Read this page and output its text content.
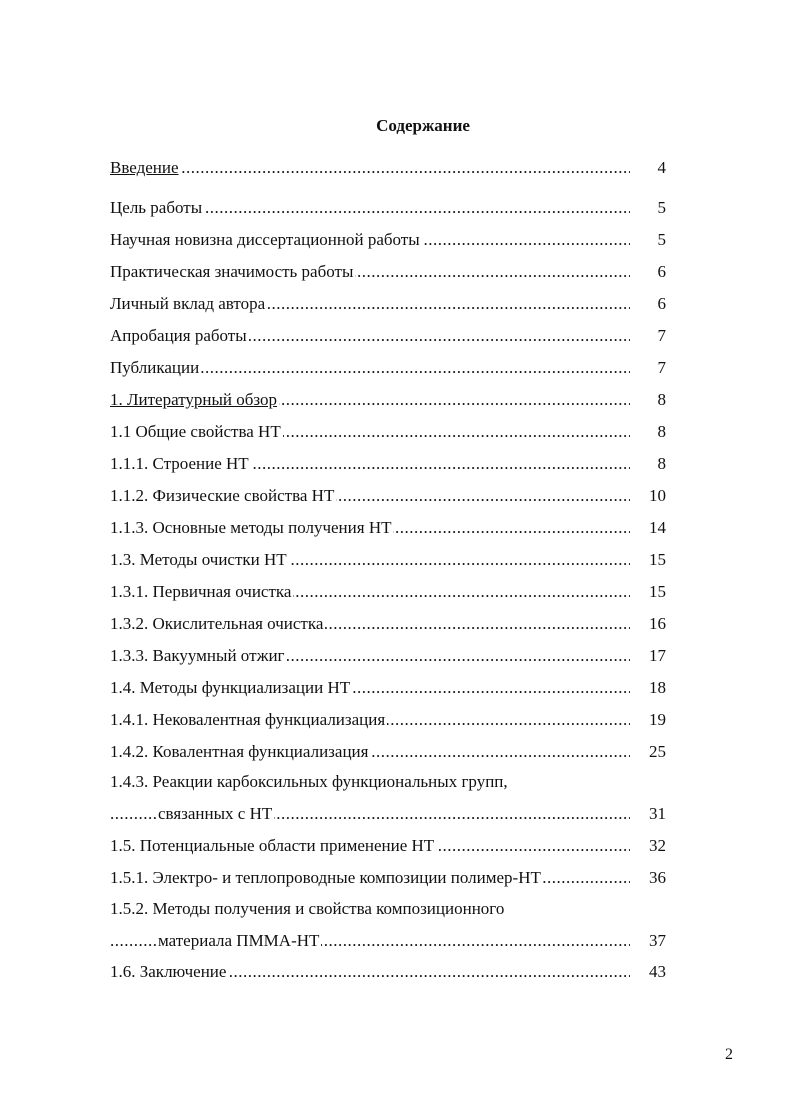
Содержание
Введение .....	4
Цель работы .....	5
Научная новизна диссертационной работы .....	5
Практическая значимость работы .....	6
Личный вклад автора .....	6
Апробация работы .....	7
Публикации .....	7
1. Литературный обзор .....	8
1.1 Общие свойства НТ .....	8
1.1.1. Строение НТ .....	8
1.1.2. Физические свойства НТ .....	10
1.1.3. Основные методы получения НТ .....	14
1.3. Методы очистки НТ .....	15
1.3.1. Первичная очистка .....	15
1.3.2. Окислительная очистка .....	16
1.3.3. Вакуумный отжиг .....	17
1.4. Методы функциализации НТ .....	18
1.4.1. Нековалентная функциализация .....	19
1.4.2. Ковалентная функциализация .....	25
1.4.3. Реакции карбоксильных функциональных групп,
связанных с НТ .....	31
1.5. Потенциальные области применение НТ .....	32
1.5.1. Электро- и теплопроводные композиции полимер-НТ .....	36
1.5.2. Методы получения и свойства композиционного
материала ПММА-НТ .....	37
1.6. Заключение .....	43
2
